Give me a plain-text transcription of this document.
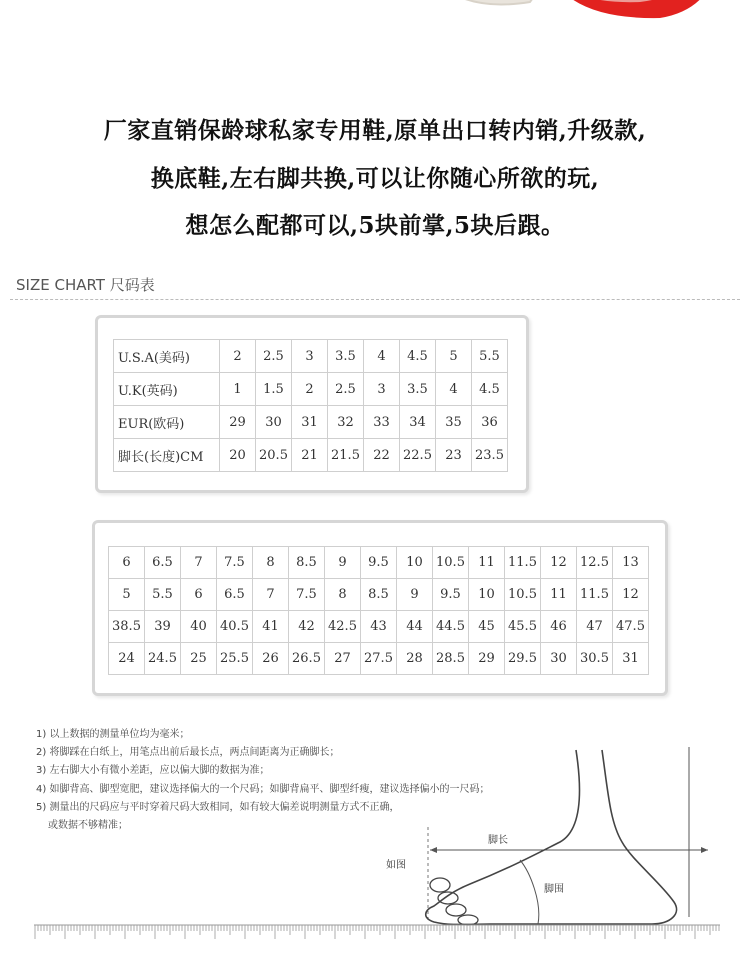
厂家直销保龄球私家专用鞋,原单出口转内销,升级款,
换底鞋,左右脚共换,可以让你随心所欲的玩,
想怎么配都可以,5块前掌,5块后跟。
SIZE CHART 尺码表
U.S.A(美码)	2	2.5	3	3.5	4	4.5	5	5.5
U.K(英码)	1	1.5	2	2.5	3	3.5	4	4.5
EUR(欧码)	29	30	31	32	33	34	35	36
脚长(长度)CM	20	20.5	21	21.5	22	22.5	23	23.5
6	6.5	7	7.5	8	8.5	9	9.5	10	10.5	11	11.5	12	12.5	13
5	5.5	6	6.5	7	7.5	8	8.5	9	9.5	10	10.5	11	11.5	12
38.5	39	40	40.5	41	42	42.5	43	44	44.5	45	45.5	46	47	47.5
24	24.5	25	25.5	26	26.5	27	27.5	28	28.5	29	29.5	30	30.5	31
1) 以上数据的测量单位均为毫米；
2) 将脚踩在白纸上，用笔点出前后最长点，两点间距离为正确脚长；
3) 左右脚大小有微小差距，应以偏大脚的数据为准；
4) 如脚背高、脚型宽肥，建议选择偏大的一个尺码；如脚背扁平、脚型纤瘦，建议选择偏小的一尺码；
5) 测量出的尺码应与平时穿着尺码大致相同，如有较大偏差说明测量方式不正确，
或数据不够精准；
脚长
如图
脚围
